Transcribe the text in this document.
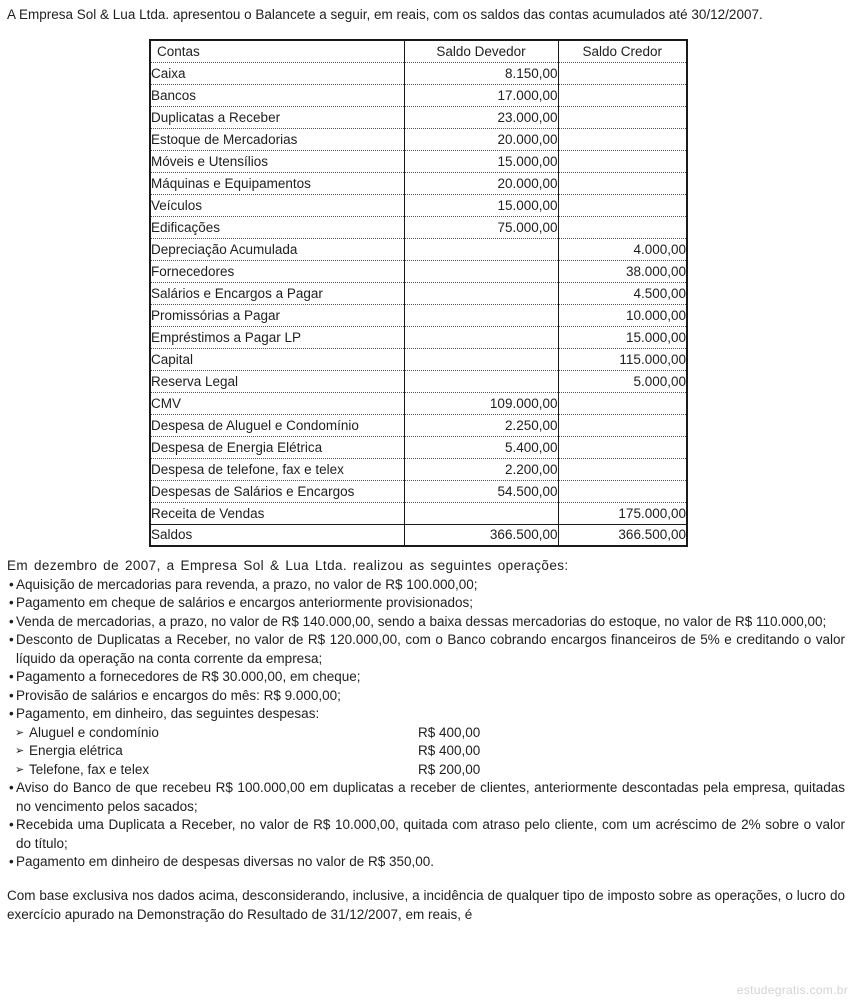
A Empresa Sol & Lua Ltda. apresentou o Balancete a seguir, em reais, com os saldos das contas acumulados até 30/12/2007.

Contas	Saldo Devedor	Saldo Credor
Caixa	8.150,00	
Bancos	17.000,00	
Duplicatas a Receber	23.000,00	
Estoque de Mercadorias	20.000,00	
Móveis e Utensílios	15.000,00	
Máquinas e Equipamentos	20.000,00	
Veículos	15.000,00	
Edificações	75.000,00	
Depreciação Acumulada		4.000,00
Fornecedores		38.000,00
Salários e Encargos a Pagar		4.500,00
Promissórias a Pagar		10.000,00
Empréstimos a Pagar LP		15.000,00
Capital		115.000,00
Reserva Legal		5.000,00
CMV	109.000,00	
Despesa de Aluguel e Condomínio	2.250,00	
Despesa de Energia Elétrica	5.400,00	
Despesa de telefone, fax e telex	2.200,00	
Despesas de Salários e Encargos	54.500,00	
Receita de Vendas		175.000,00
Saldos	366.500,00	366.500,00

Em dezembro de 2007, a Empresa Sol & Lua Ltda. realizou as seguintes operações:

• Aquisição de mercadorias para revenda, a prazo, no valor de R$ 100.000,00;
• Pagamento em cheque de salários e encargos anteriormente provisionados;
• Venda de mercadorias, a prazo, no valor de R$ 140.000,00, sendo a baixa dessas mercadorias do estoque, no valor de R$ 110.000,00;
• Desconto de Duplicatas a Receber, no valor de R$ 120.000,00, com o Banco cobrando encargos financeiros de 5% e creditando o valor líquido da operação na conta corrente da empresa;
• Pagamento a fornecedores de R$ 30.000,00, em cheque;
• Provisão de salários e encargos do mês: R$ 9.000,00;
• Pagamento, em dinheiro, das seguintes despesas:
➢ Aluguel e condomínio	R$ 400,00
➢ Energia elétrica	R$ 400,00
➢ Telefone, fax e telex	R$ 200,00
• Aviso do Banco de que recebeu R$ 100.000,00 em duplicatas a receber de clientes, anteriormente descontadas pela empresa, quitadas no vencimento pelos sacados;
• Recebida uma Duplicata a Receber, no valor de R$ 10.000,00, quitada com atraso pelo cliente, com um acréscimo de 2% sobre o valor do título;
• Pagamento em dinheiro de despesas diversas no valor de R$ 350,00.

Com base exclusiva nos dados acima, desconsiderando, inclusive, a incidência de qualquer tipo de imposto sobre as operações, o lucro do exercício apurado na Demonstração do Resultado de 31/12/2007, em reais, é

estudegratis.com.br
